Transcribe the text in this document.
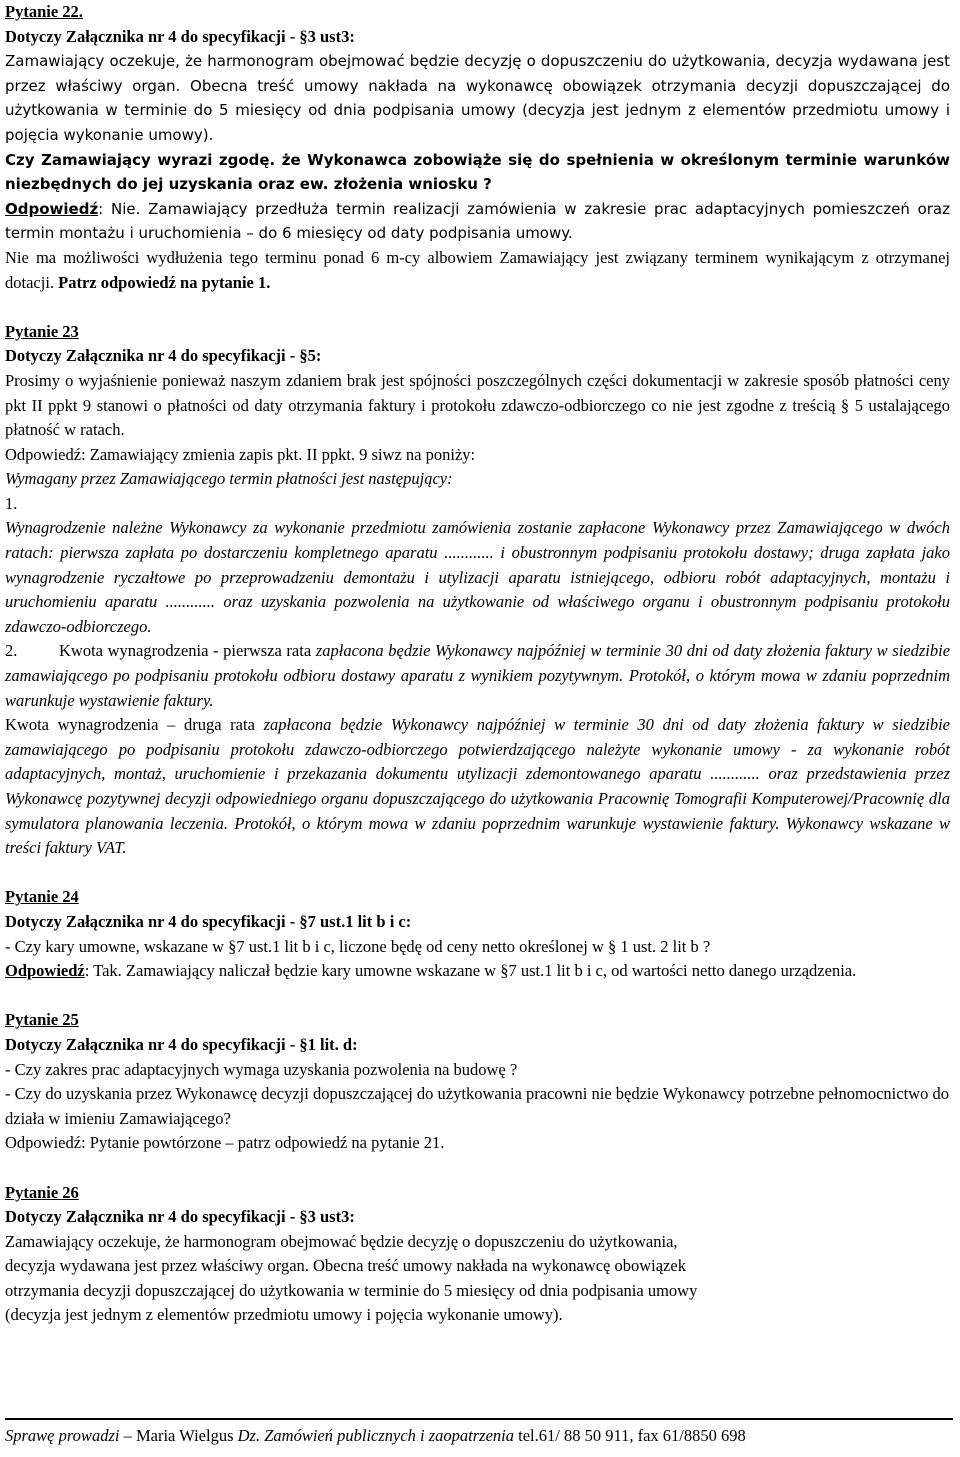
Pytanie 22.

Dotyczy Załącznika nr 4 do specyfikacji - §3 ust3:

Zamawiający oczekuje, że harmonogram obejmować będzie decyzję o dopuszczeniu do użytkowania, decyzja wydawana jest przez właściwy organ. Obecna treść umowy nakłada na wykonawcę obowiązek otrzymania decyzji dopuszczającej do użytkowania w terminie do 5 miesięcy od dnia podpisania umowy (decyzja jest jednym z elementów przedmiotu umowy i pojęcia wykonanie umowy).

Czy Zamawiający wyrazi zgodę. że Wykonawca zobowiąże się do spełnienia w określonym terminie warunków niezbędnych do jej uzyskania oraz ew. złożenia wniosku ?

Odpowiedź: Nie. Zamawiający przedłuża termin realizacji zamówienia w zakresie prac adaptacyjnych pomieszczeń oraz termin montażu i uruchomienia – do 6 miesięcy od daty podpisania umowy.

Nie ma możliwości wydłużenia tego terminu ponad 6 m-cy albowiem Zamawiający jest związany terminem wynikającym z otrzymanej dotacji. Patrz odpowiedź na pytanie 1.

Pytanie 23

Dotyczy Załącznika nr 4 do specyfikacji - §5:

Prosimy o wyjaśnienie ponieważ naszym zdaniem brak jest spójności poszczególnych części dokumentacji w zakresie sposób płatności ceny pkt II ppkt 9 stanowi o płatności od daty otrzymania faktury i protokołu zdawczo-odbiorczego co nie jest zgodne z treścią § 5 ustalającego płatność w ratach.

Odpowiedź: Zamawiający zmienia zapis pkt. II ppkt. 9 siwz na poniży:

Wymagany przez Zamawiającego termin płatności jest następujący:

1.
Wynagrodzenie należne Wykonawcy za wykonanie przedmiotu zamówienia zostanie zapłacone Wykonawcy przez Zamawiającego w dwóch ratach: pierwsza zapłata po dostarczeniu kompletnego aparatu ............ i obustronnym podpisaniu protokołu dostawy; druga zapłata jako wynagrodzenie ryczałtowe po przeprowadzeniu demontażu i utylizacji aparatu istniejącego, odbioru robót adaptacyjnych, montażu i uruchomieniu aparatu ............ oraz uzyskania pozwolenia na użytkowanie od właściwego organu i obustronnym podpisaniu protokołu zdawczo-odbiorczego.

2.	Kwota wynagrodzenia - pierwsza rata zapłacona będzie Wykonawcy najpóźniej w terminie 30 dni od daty złożenia faktury w siedzibie zamawiającego po podpisaniu protokołu odbioru dostawy aparatu z wynikiem pozytywnym. Protokół, o którym mowa w zdaniu poprzednim warunkuje wystawienie faktury.

Kwota wynagrodzenia – druga rata zapłacona będzie Wykonawcy najpóźniej w terminie 30 dni od daty złożenia faktury w siedzibie zamawiającego po podpisaniu protokołu zdawczo-odbiorczego potwierdzającego należyte wykonanie umowy - za wykonanie robót adaptacyjnych, montaż, uruchomienie i przekazania dokumentu utylizacji zdemontowanego aparatu ............ oraz przedstawienia przez Wykonawcę pozytywnej decyzji odpowiedniego organu dopuszczającego do użytkowania Pracownię Tomografii Komputerowej/Pracownię dla symulatora planowania leczenia. Protokół, o którym mowa w zdaniu poprzednim warunkuje wystawienie faktury. Wykonawcy wskazane w treści faktury VAT.

Pytanie 24

Dotyczy Załącznika nr 4 do specyfikacji - §7 ust.1 lit b i c:

- Czy kary umowne, wskazane w §7 ust.1 lit b i c, liczone będę od ceny netto określonej w § 1 ust. 2 lit b ?

Odpowiedź: Tak. Zamawiający naliczał będzie kary umowne wskazane w §7 ust.1 lit b i c, od wartości netto danego urządzenia.

Pytanie 25

Dotyczy Załącznika nr 4 do specyfikacji - §1 lit. d:

- Czy zakres prac adaptacyjnych wymaga uzyskania pozwolenia na budowę ?

- Czy do uzyskania przez Wykonawcę decyzji dopuszczającej do użytkowania pracowni nie będzie Wykonawcy potrzebne pełnomocnictwo do działa w imieniu Zamawiającego?

Odpowiedź: Pytanie powtórzone – patrz odpowiedź na pytanie 21.

Pytanie 26

Dotyczy Załącznika nr 4 do specyfikacji - §3 ust3:

Zamawiający oczekuje, że harmonogram obejmować będzie decyzję o dopuszczeniu do użytkowania,

decyzja wydawana jest przez właściwy organ. Obecna treść umowy nakłada na wykonawcę obowiązek

otrzymania decyzji dopuszczającej do użytkowania w terminie do 5 miesięcy od dnia podpisania umowy

(decyzja jest jednym z elementów przedmiotu umowy i pojęcia wykonanie umowy).

Sprawę prowadzi – Maria Wielgus Dz. Zamówień publicznych i zaopatrzenia tel.61/ 88 50 911, fax 61/8850 698
